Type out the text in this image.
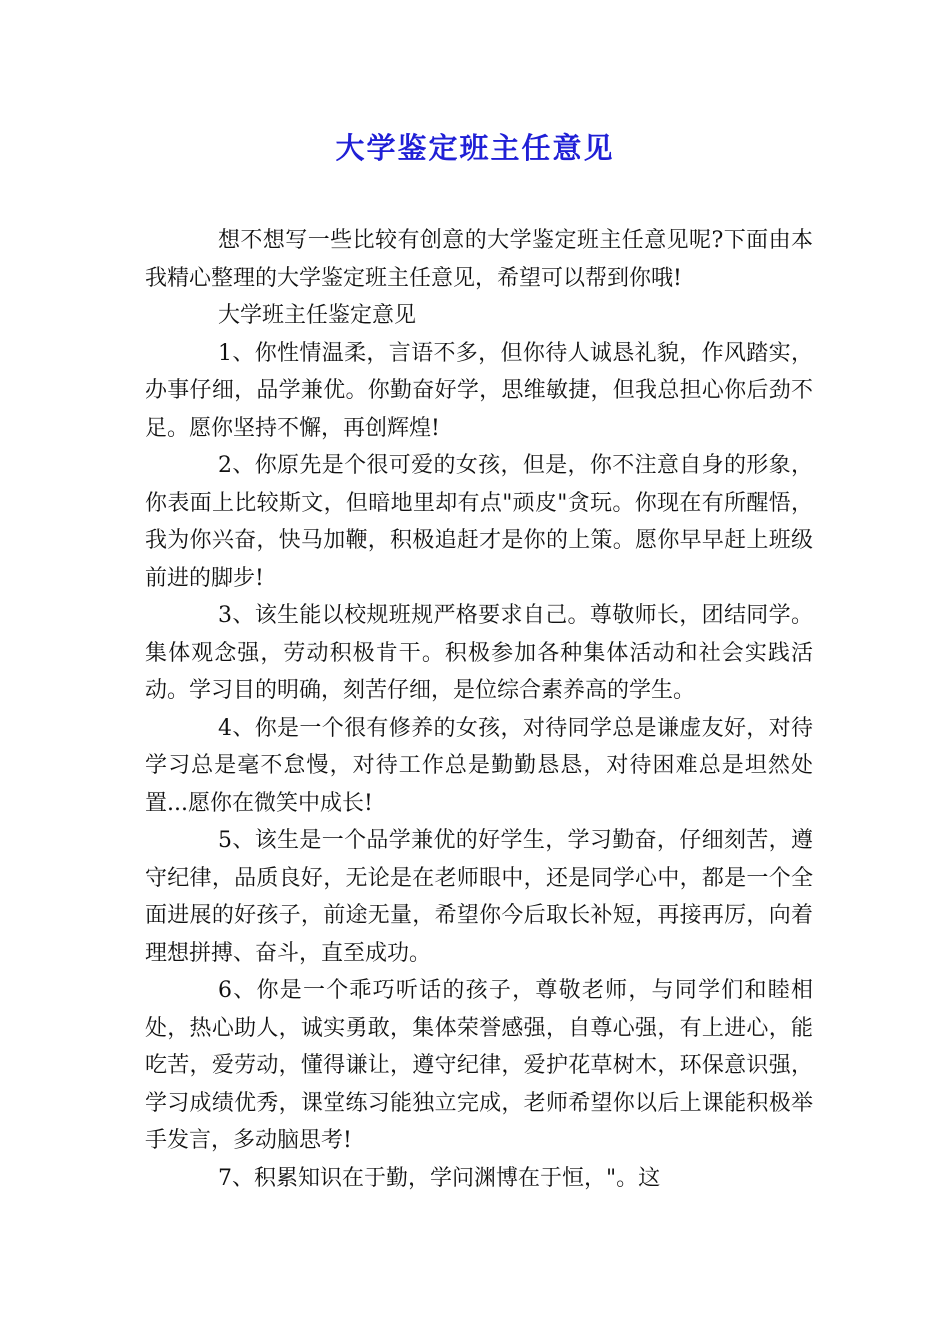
大学鉴定班主任意见

想不想写一些比较有创意的大学鉴定班主任意见呢?下面由本我精心整理的大学鉴定班主任意见，希望可以帮到你哦!

大学班主任鉴定意见

1、你性情温柔，言语不多，但你待人诚恳礼貌，作风踏实，办事仔细，品学兼优。你勤奋好学，思维敏捷，但我总担心你后劲不足。愿你坚持不懈，再创辉煌!

2、你原先是个很可爱的女孩，但是，你不注意自身的形象，你表面上比较斯文，但暗地里却有点"顽皮"贪玩。你现在有所醒悟，我为你兴奋，快马加鞭，积极追赶才是你的上策。愿你早早赶上班级前进的脚步!

3、该生能以校规班规严格要求自己。尊敬师长，团结同学。集体观念强，劳动积极肯干。积极参加各种集体活动和社会实践活动。学习目的明确，刻苦仔细，是位综合素养高的学生。

4、你是一个很有修养的女孩，对待同学总是谦虚友好，对待学习总是毫不怠慢，对待工作总是勤勤恳恳，对待困难总是坦然处置...愿你在微笑中成长!

5、该生是一个品学兼优的好学生，学习勤奋，仔细刻苦，遵守纪律，品质良好，无论是在老师眼中，还是同学心中，都是一个全面进展的好孩子，前途无量，希望你今后取长补短，再接再厉，向着理想拼搏、奋斗，直至成功。

6、你是一个乖巧听话的孩子，尊敬老师，与同学们和睦相处，热心助人，诚实勇敢，集体荣誉感强，自尊心强，有上进心，能吃苦，爱劳动，懂得谦让，遵守纪律，爱护花草树木，环保意识强，学习成绩优秀，课堂练习能独立完成，老师希望你以后上课能积极举手发言，多动脑思考!

7、积累知识在于勤，学问渊博在于恒，"。这
